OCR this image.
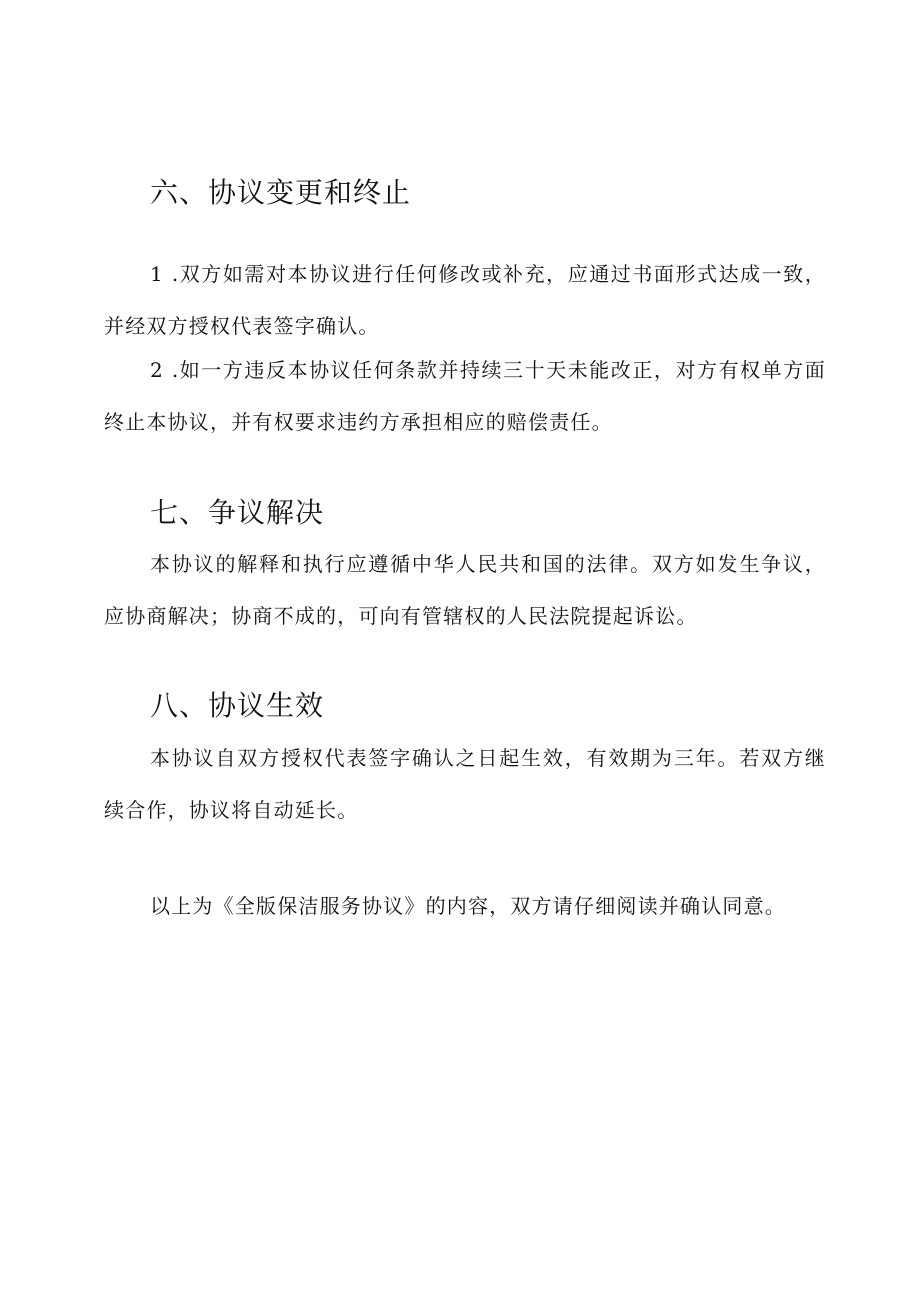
六、协议变更和终止

1 .双方如需对本协议进行任何修改或补充，应通过书面形式达成一致，并经双方授权代表签字确认。

2 .如一方违反本协议任何条款并持续三十天未能改正，对方有权单方面终止本协议，并有权要求违约方承担相应的赔偿责任。

七、争议解决

本协议的解释和执行应遵循中华人民共和国的法律。双方如发生争议，应协商解决；协商不成的，可向有管辖权的人民法院提起诉讼。

八、协议生效

本协议自双方授权代表签字确认之日起生效，有效期为三年。若双方继续合作，协议将自动延长。

以上为《全版保洁服务协议》的内容，双方请仔细阅读并确认同意。
